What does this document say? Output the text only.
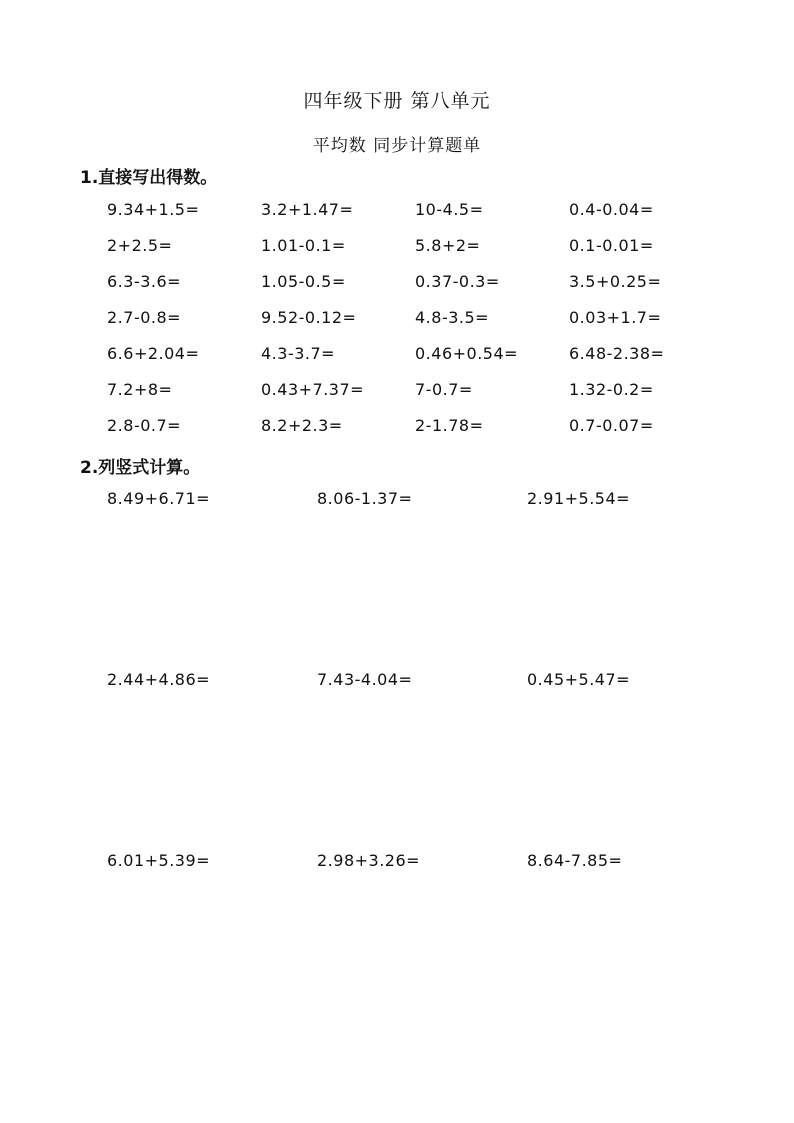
四年级下册 第八单元
平均数 同步计算题单
1.直接写出得数。
9.34+1.5=	3.2+1.47=	10-4.5=	0.4-0.04=
2+2.5=	1.01-0.1=	5.8+2=	0.1-0.01=
6.3-3.6=	1.05-0.5=	0.37-0.3=	3.5+0.25=
2.7-0.8=	9.52-0.12=	4.8-3.5=	0.03+1.7=
6.6+2.04=	4.3-3.7=	0.46+0.54=	6.48-2.38=
7.2+8=	0.43+7.37=	7-0.7=	1.32-0.2=
2.8-0.7=	8.2+2.3=	2-1.78=	0.7-0.07=
2.列竖式计算。
8.49+6.71=	8.06-1.37=	2.91+5.54=
2.44+4.86=	7.43-4.04=	0.45+5.47=
6.01+5.39=	2.98+3.26=	8.64-7.85=
